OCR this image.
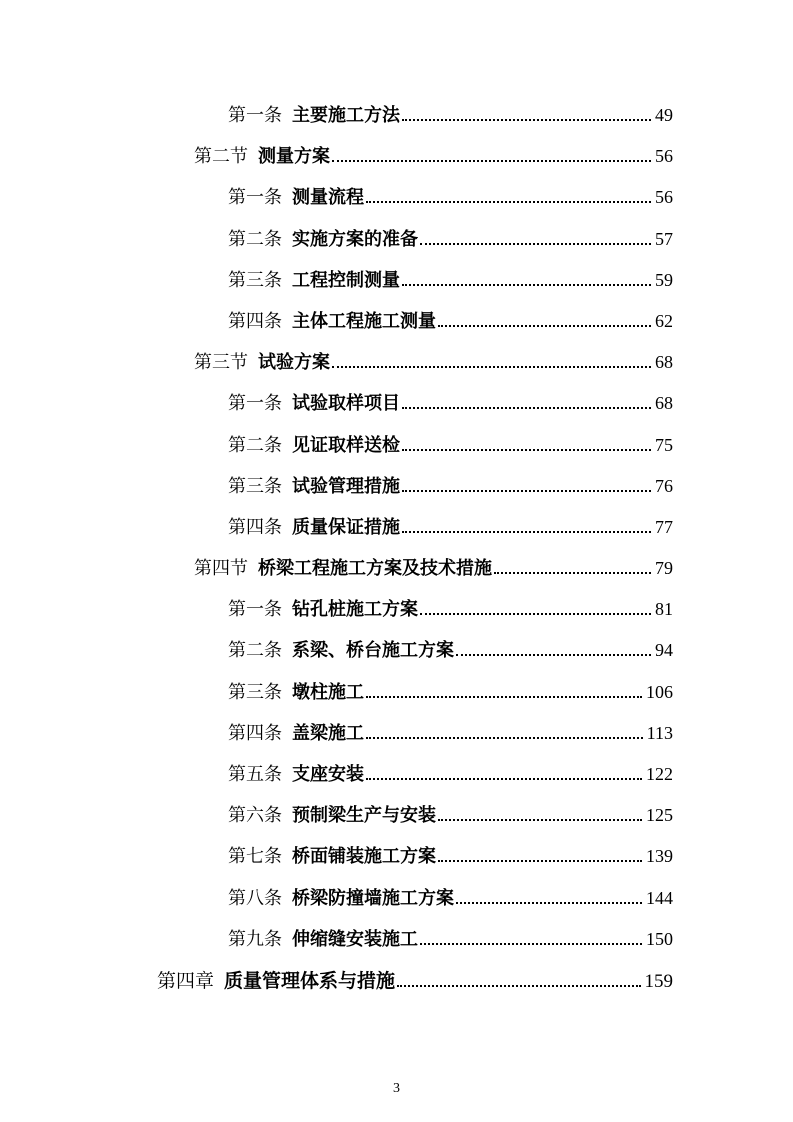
第一条 主要施工方法	49
第二节 测量方案	56
第一条 测量流程	56
第二条 实施方案的准备	57
第三条 工程控制测量	59
第四条 主体工程施工测量	62
第三节 试验方案	68
第一条 试验取样项目	68
第二条 见证取样送检	75
第三条 试验管理措施	76
第四条 质量保证措施	77
第四节 桥梁工程施工方案及技术措施	79
第一条 钻孔桩施工方案	81
第二条 系梁、桥台施工方案	94
第三条 墩柱施工	106
第四条 盖梁施工	113
第五条 支座安装	122
第六条 预制梁生产与安装	125
第七条 桥面铺装施工方案	139
第八条 桥梁防撞墙施工方案	144
第九条 伸缩缝安装施工	150
第四章 质量管理体系与措施	159
3
